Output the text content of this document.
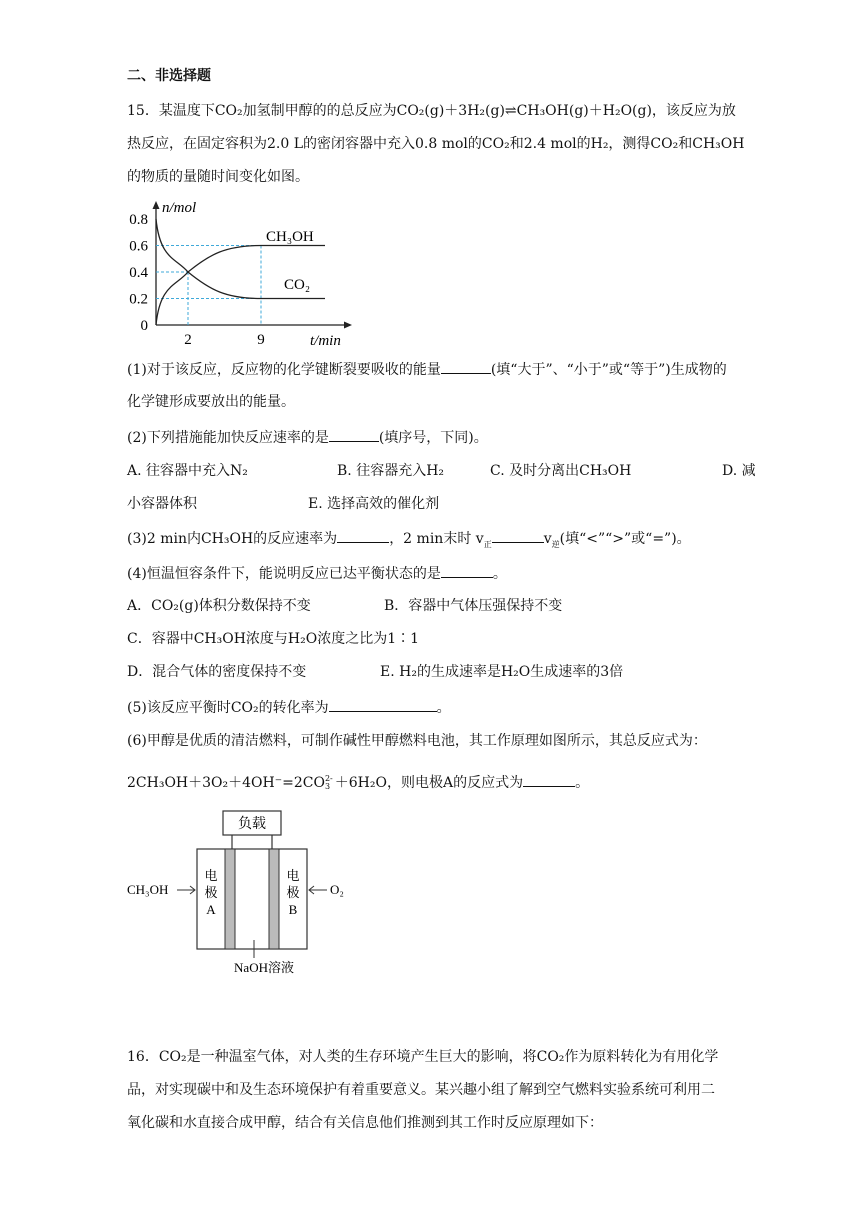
二、非选择题
15．某温度下CO₂加氢制甲醇的的总反应为CO₂(g)＋3H₂(g)⇌CH₃OH(g)＋H₂O(g)，该反应为放
热反应，在固定容积为2.0 L的密闭容器中充入0.8 mol的CO₂和2.4 mol的H₂，测得CO₂和CH₃OH
的物质的量随时间变化如图。
0.8
0.6
0.4
0.2
0
2	9
n/mol
t/min
CH₃OH
CO₂
(1)对于该反应，反应物的化学键断裂要吸收的能量	(填“大于”、“小于”或“等于”)生成物的
化学键形成要放出的能量。
(2)下列措施能加快反应速率的是	(填序号，下同)。
A. 往容器中充入N₂	B. 往容器充入H₂	C. 及时分离出CH₃OH	D. 减
小容器体积	E. 选择高效的催化剂
(3)2 min内CH₃OH的反应速率为	，2 min末时 $v_正$	$v_逆$(填“<”“>”或“=”)。
(4)恒温恒容条件下，能说明反应已达平衡状态的是	。
A．CO₂(g)体积分数保持不变	B．容器中气体压强保持不变
C．容器中CH₃OH浓度与H₂O浓度之比为1∶1
D．混合气体的密度保持不变	E. H₂的生成速率是H₂O生成速率的3倍
(5)该反应平衡时CO₂的转化率为	。
(6)甲醇是优质的清洁燃料，可制作碱性甲醇燃料电池，其工作原理如图所示，其总反应式为：
2CH₃OH＋3O₂＋4OH⁻=2CO 2-
3 ＋6H₂O，则电极A的反应式为	。
负载
电
极
A
电
极
B
CH₃OH	O₂
NaOH溶液
16．CO₂是一种温室气体，对人类的生存环境产生巨大的影响，将CO₂作为原料转化为有用化学
品，对实现碳中和及生态环境保护有着重要意义。某兴趣小组了解到空气燃料实验系统可利用二
氧化碳和水直接合成甲醇，结合有关信息他们推测到其工作时反应原理如下：
